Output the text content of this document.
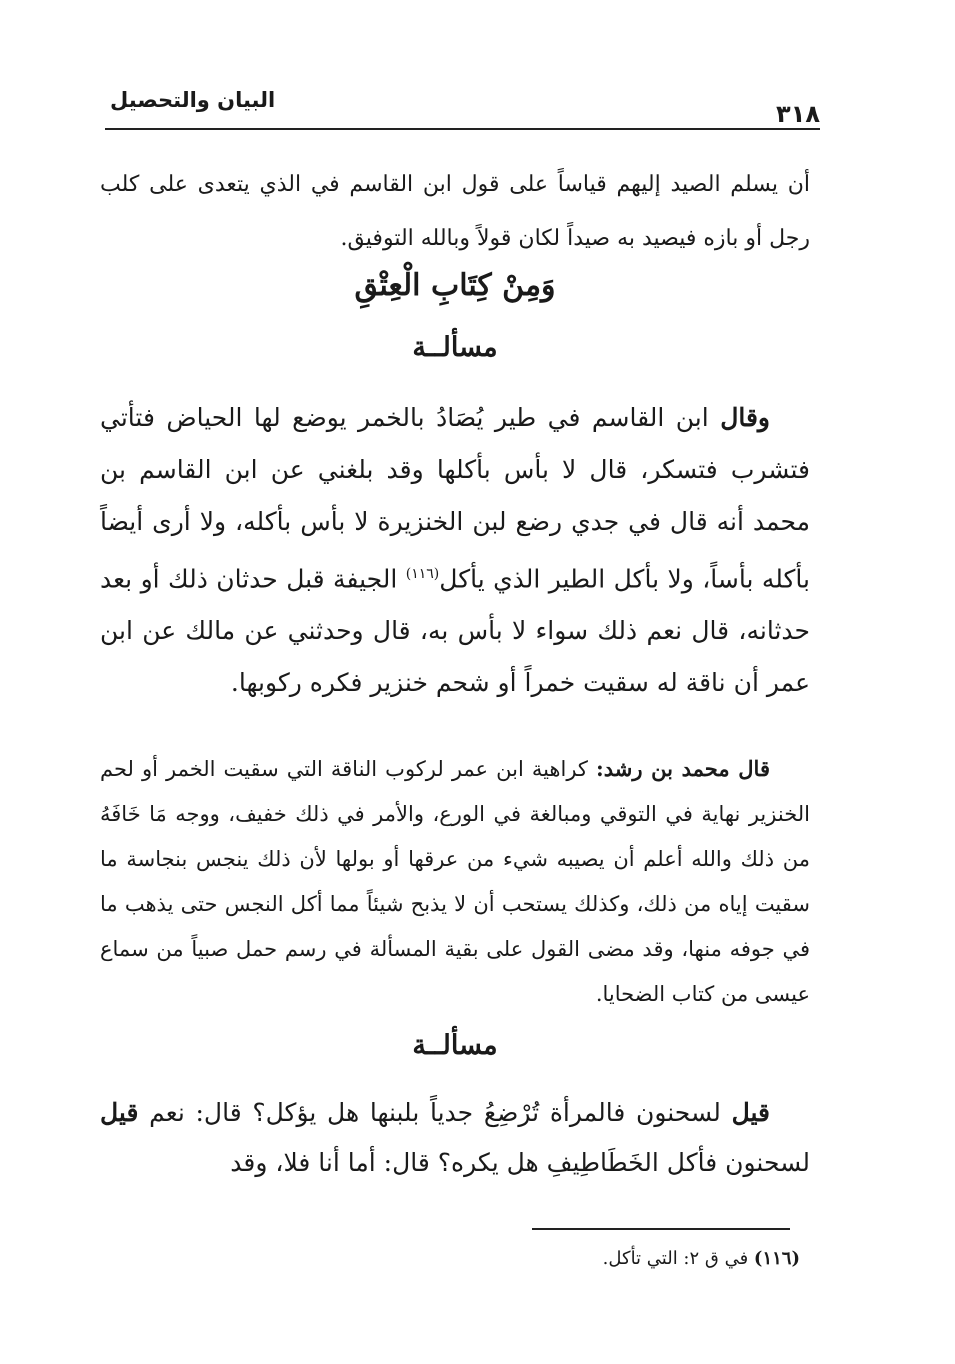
البيان والتحصيل	٣١٨
أن يسلم الصيد إليهم قياساً على قول ابن القاسم في الذي يتعدى على كلب رجل أو بازه فيصيد به صيداً لكان قولاً وبالله التوفيق.
وَمِنْ كِتَابِ الْعِتْقِ
مسألــة
وقال ابن القاسم في طير يُصَادُ بالخمر يوضع لها الحياض فتأتي فتشرب فتسكر، قال لا بأس بأكلها وقد بلغني عن ابن القاسم بن محمد أنه قال في جدي رضع لبن الخنزيرة لا بأس بأكله، ولا أرى أيضاً بأكله بأساً، ولا بأكل الطير الذي يأكل$^{(١١٦)}$ الجيفة قبل حدثان ذلك أو بعد حدثانه، قال نعم ذلك سواء لا بأس به، قال وحدثني عن مالك عن ابن عمر أن ناقة له سقيت خمراً أو شحم خنزير فكره ركوبها.
قال محمد بن رشد: كراهية ابن عمر لركوب الناقة التي سقيت الخمر أو لحم الخنزير نهاية في التوقي ومبالغة في الورع، والأمر في ذلك خفيف، ووجه مَا خَافَهُ من ذلك والله أعلم أن يصيبه شيء من عرقها أو بولها لأن ذلك ينجس بنجاسة ما سقيت إياه من ذلك، وكذلك يستحب أن لا يذبح شيئاً مما أكل النجس حتى يذهب ما في جوفه منها، وقد مضى القول على بقية المسألة في رسم حمل صبياً من سماع عيسى من كتاب الضحايا.
مسألــة
قيل لسحنون فالمرأة تُرْضِعُ جدياً بلبنها هل يؤكل؟ قال: نعم قيل لسحنون فأكل الخَطَاطِيفِ هل يكره؟ قال: أما أنا فلا، وقد
(١١٦) في ق ٢: التي تأكل.
